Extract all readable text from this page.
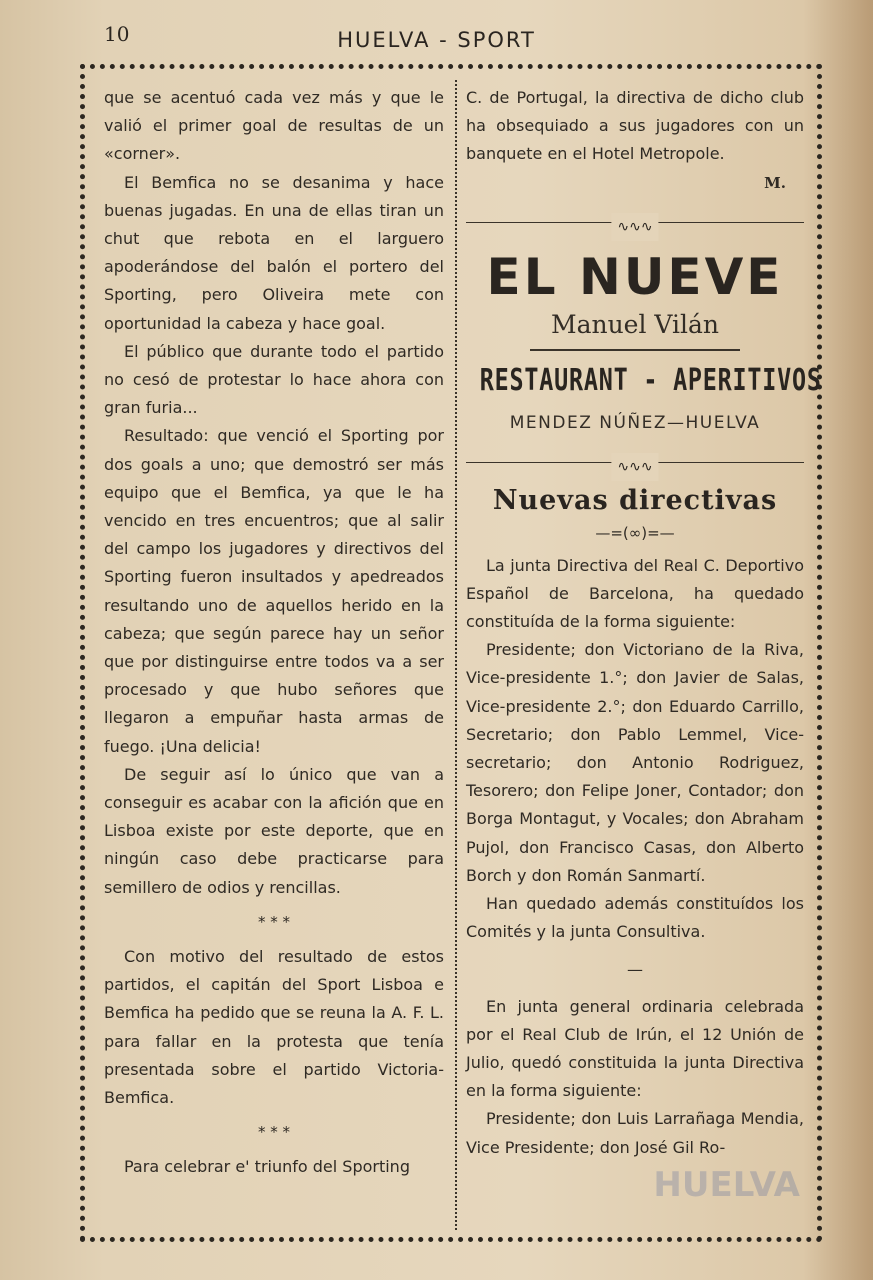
10	HUELVA - SPORT

que se acentuó cada vez más y que le valió el primer goal de resultas de un «corner».

El Bemfica no se desanima y hace buenas jugadas. En una de ellas tiran un chut que rebota en el larguero apoderándose del balón el portero del Sporting, pero Oliveira mete con oportunidad la cabeza y hace goal.

El público que durante todo el partido no cesó de protestar lo hace ahora con gran furia...

Resultado: que venció el Sporting por dos goals a uno; que demostró ser más equipo que el Bemfica, ya que le ha vencido en tres encuentros; que al salir del campo los jugadores y directivos del Sporting fueron insultados y apedreados resultando uno de aquellos herido en la cabeza; que según parece hay un señor que por distinguirse entre todos va a ser procesado y que hubo señores que llegaron a empuñar hasta armas de fuego. ¡Una delicia!

De seguir así lo único que van a conseguir es acabar con la afición que en Lisboa existe por este deporte, que en ningún caso debe practicarse para semillero de odios y rencillas.

* * *

Con motivo del resultado de estos partidos, el capitán del Sport Lisboa e Bemfica ha pedido que se reuna la A. F. L. para fallar en la protesta que tenía presentada sobre el partido Victoria-Bemfica.

* * *

Para celebrar e' triunfo del Sporting

C. de Portugal, la directiva de dicho club ha obsequiado a sus jugadores con un banquete en el Hotel Metropole.

M.
∿∿∿
EL NUEVE
Manuel Vilán
RESTAURANT - APERITIVOS
MENDEZ NÚÑEZ—HUELVA
∿∿∿
Nuevas directivas
—=(∞)=—

La junta Directiva del Real C. Deportivo Español de Barcelona, ha quedado constituída de la forma siguiente:

Presidente; don Victoriano de la Riva, Vice-presidente 1.°; don Javier de Salas, Vice-presidente 2.°; don Eduardo Carrillo, Secretario; don Pablo Lemmel, Vice-secretario; don Antonio Rodriguez, Tesorero; don Felipe Joner, Contador; don Borga Montagut, y Vocales; don Abraham Pujol, don Francisco Casas, don Alberto Borch y don Román Sanmartí.

Han quedado además constituídos los Comités y la junta Consultiva.

—

En junta general ordinaria celebrada por el Real Club de Irún, el 12 Unión de Julio, quedó constituida la junta Directiva en la forma siguiente:

Presidente; don Luis Larrañaga Mendia, Vice Presidente; don José Gil Ro-

HUELVA
